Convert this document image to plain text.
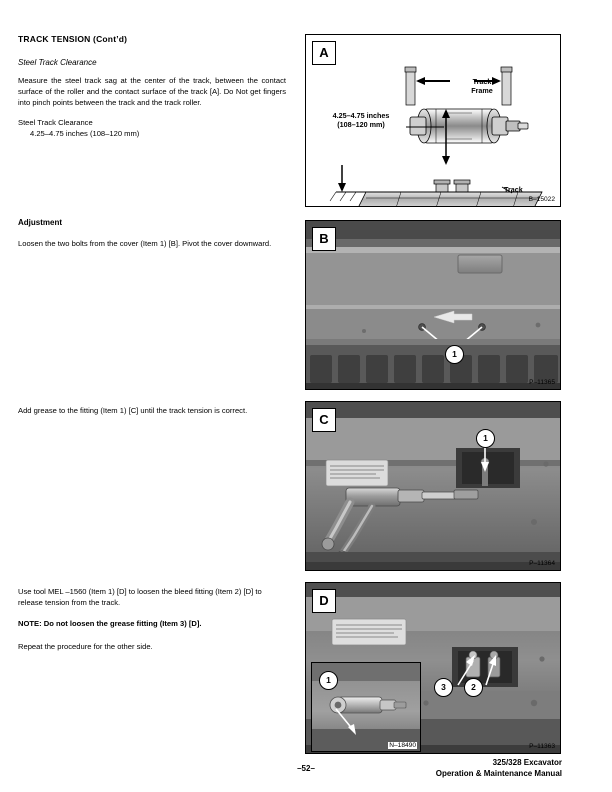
TRACK TENSION (Cont’d)
Steel Track Clearance
Measure the steel track sag at the center of the track, between the contact surface of the roller and the contact surface of the track [A]. Do Not get fingers into pinch points between the track and the track roller.
Steel Track Clearance
4.25–4.75 inches (108–120 mm)
Adjustment
Loosen the two bolts from the cover (Item 1) [B]. Pivot the cover downward.
Add grease to the fitting (Item 1) [C] until the track tension is correct.
Use tool MEL –1560 (Item 1) [D] to loosen the bleed fitting (Item 2) [D] to release tension from the track.
NOTE: Do not loosen the grease fitting (Item 3) [D].
Repeat the procedure for the other side.
A
Track
Frame
4.25–4.75 inches
(108–120 mm)
Track
B–15022
B
1
P–11365
C
1
P–11364
D
1
N–18490
3	2
P–11363
–52–
325/328 Excavator
Operation & Maintenance Manual
